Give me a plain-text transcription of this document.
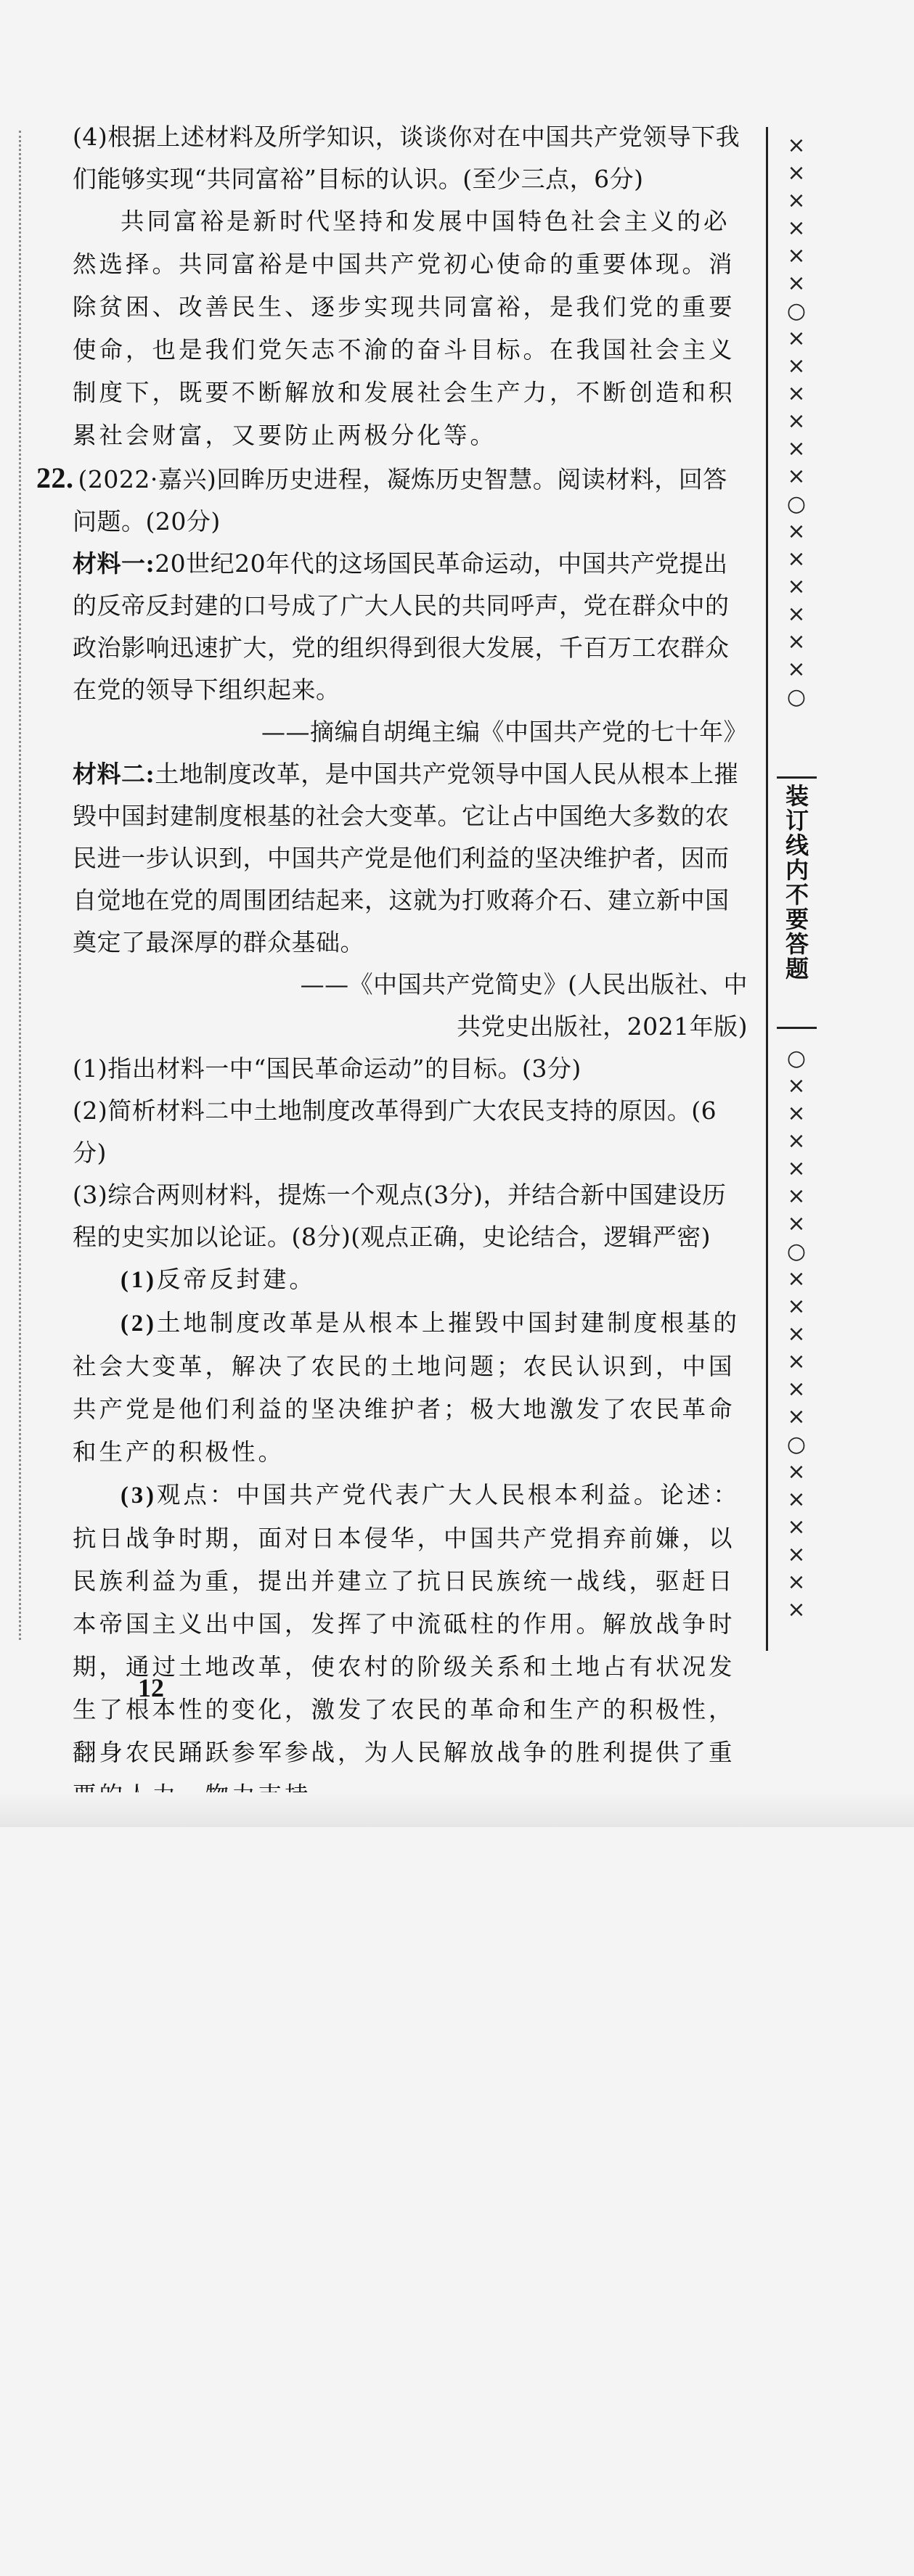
(4)根据上述材料及所学知识，谈谈你对在中国共产党领导下我们能够实现“共同富裕”目标的认识。(至少三点，6分)

共同富裕是新时代坚持和发展中国特色社会主义的必然选择。共同富裕是中国共产党初心使命的重要体现。消除贫困、改善民生、逐步实现共同富裕，是我们党的重要使命，也是我们党矢志不渝的奋斗目标。在我国社会主义制度下，既要不断解放和发展社会生产力，不断创造和积累社会财富，又要防止两极分化等。

22. (2022·嘉兴)回眸历史进程，凝炼历史智慧。阅读材料，回答问题。(20分)

材料一:20世纪20年代的这场国民革命运动，中国共产党提出的反帝反封建的口号成了广大人民的共同呼声，党在群众中的政治影响迅速扩大，党的组织得到很大发展，千百万工农群众在党的领导下组织起来。

——摘编自胡绳主编《中国共产党的七十年》

材料二:土地制度改革，是中国共产党领导中国人民从根本上摧毁中国封建制度根基的社会大变革。它让占中国绝大多数的农民进一步认识到，中国共产党是他们利益的坚决维护者，因而自觉地在党的周围团结起来，这就为打败蒋介石、建立新中国奠定了最深厚的群众基础。

——《中国共产党简史》(人民出版社、中

共党史出版社，2021年版)

(1)指出材料一中“国民革命运动”的目标。(3分)

(2)简析材料二中土地制度改革得到广大农民支持的原因。(6分)

(3)综合两则材料，提炼一个观点(3分)，并结合新中国建设历程的史实加以论证。(8分)(观点正确，史论结合，逻辑严密)

(1)反帝反封建。

(2)土地制度改革是从根本上摧毁中国封建制度根基的社会大变革，解决了农民的土地问题；农民认识到，中国共产党是他们利益的坚决维护者；极大地激发了农民革命和生产的积极性。

(3)观点：中国共产党代表广大人民根本利益。论述：抗日战争时期，面对日本侵华，中国共产党捐弃前嫌，以民族利益为重，提出并建立了抗日民族统一战线，驱赶日本帝国主义出中国，发挥了中流砥柱的作用。解放战争时期，通过土地改革，使农村的阶级关系和土地占有状况发生了根本性的变化，激发了农民的革命和生产的积极性，翻身农民踊跃参军参战，为人民解放战争的胜利提供了重

×
×
×
×
×
×
○
×
×
×
×
×
×
○
×
×
×
×
×
×
○
装订线内不要答题
○
×
×
×
×
×
×
○
×
×
×
×
×
×
○
×
×
×
×
×
×
12
